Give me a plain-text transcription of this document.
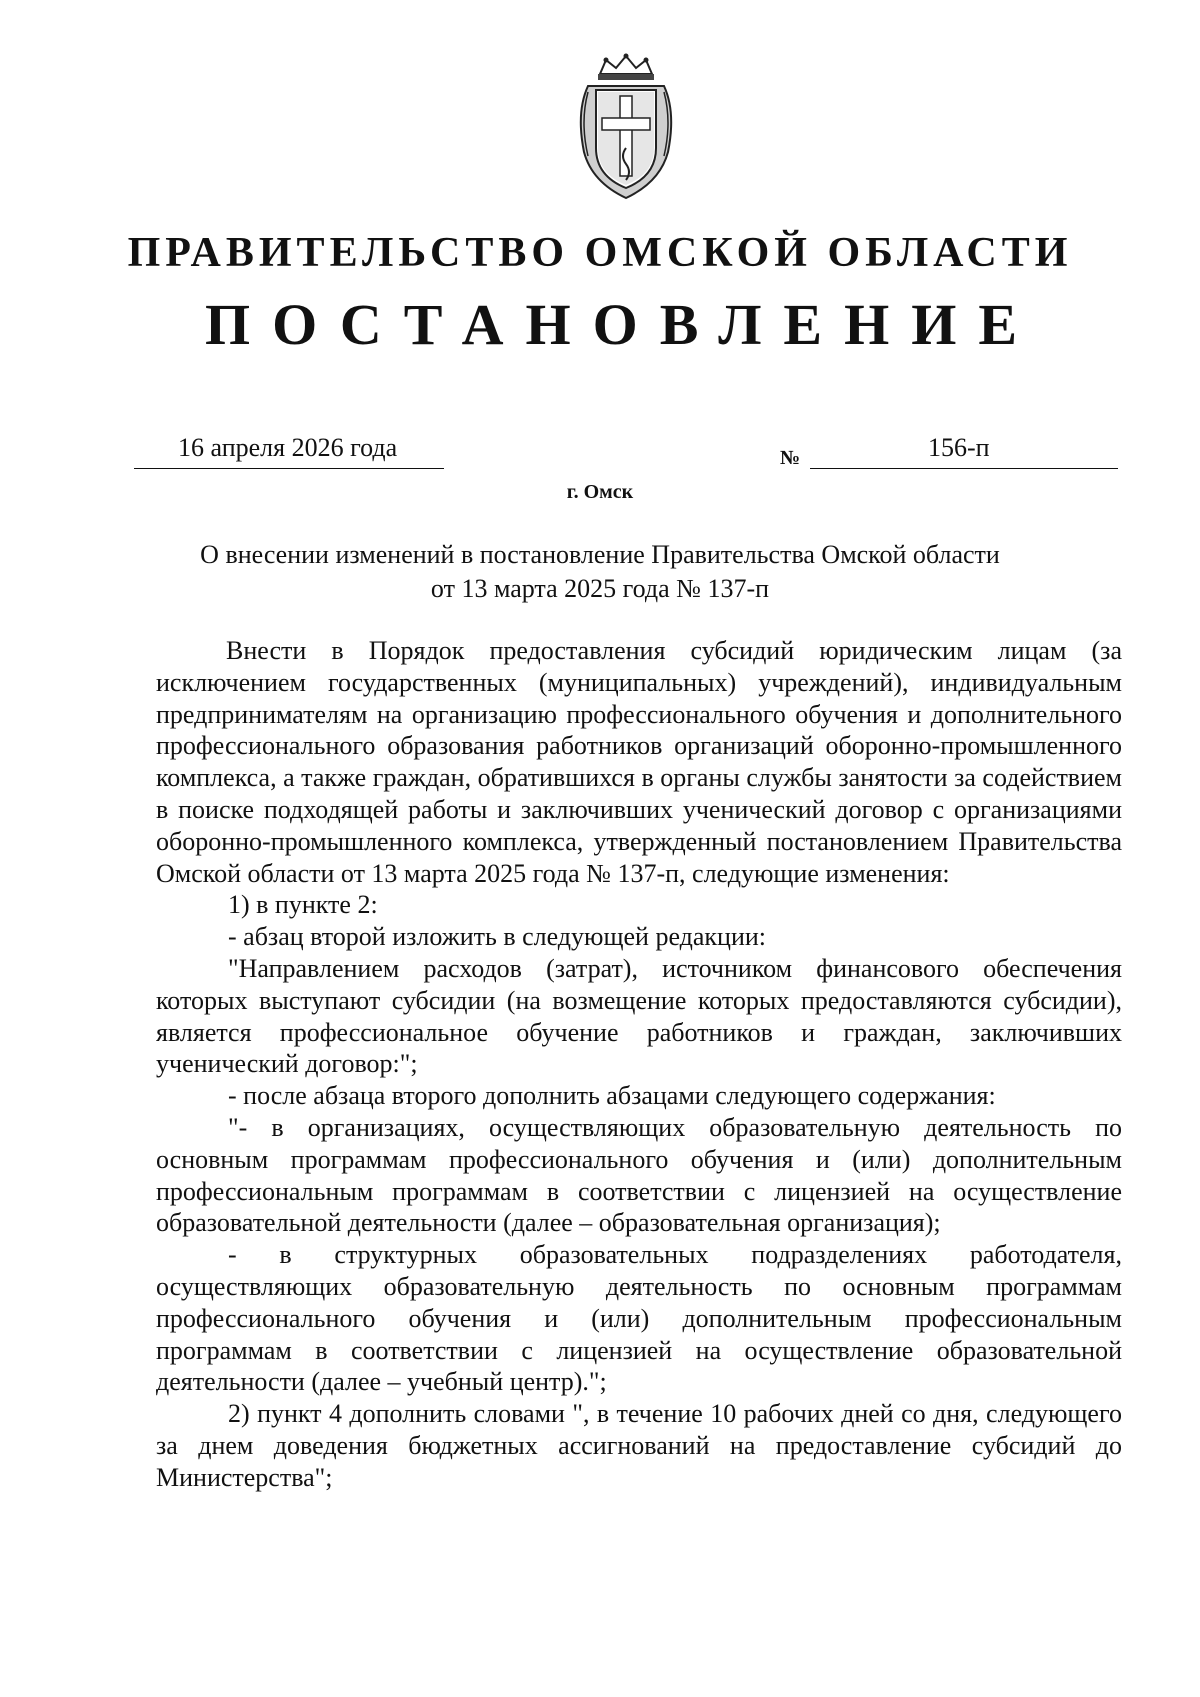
ПРАВИТЕЛЬСТВО ОМСКОЙ ОБЛАСТИ
ПОСТАНОВЛЕНИЕ
16 апреля 2026 года	№	156-п
г. Омск
О внесении изменений в постановление Правительства Омской области
от 13 марта 2025 года № 137-п

Внести в Порядок предоставления субсидий юридическим лицам (за исключением государственных (муниципальных) учреждений), индивидуальным предпринимателям на организацию профессионального обучения и дополнительного профессионального образования работников организаций оборонно-промышленного комплекса, а также граждан, обратившихся в органы службы занятости за содействием в поиске подходящей работы и заключивших ученический договор с организациями оборонно-промышленного комплекса, утвержденный постановлением Правительства Омской области от 13 марта 2025 года № 137-п, следующие изменения:

1) в пункте 2:

- абзац второй изложить в следующей редакции:

"Направлением расходов (затрат), источником финансового обеспечения которых выступают субсидии (на возмещение которых предоставляются субсидии), является профессиональное обучение работников и граждан, заключивших ученический договор:";

- после абзаца второго дополнить абзацами следующего содержания:

"- в организациях, осуществляющих образовательную деятельность по основным программам профессионального обучения и (или) дополнительным профессиональным программам в соответствии с лицензией на осуществление образовательной деятельности (далее – образовательная организация);

- в структурных образовательных подразделениях работодателя, осуществляющих образовательную деятельность по основным программам профессионального обучения и (или) дополнительным профессиональным программам в соответствии с лицензией на осуществление образовательной деятельности (далее – учебный центр).";

2) пункт 4 дополнить словами ", в течение 10 рабочих дней со дня, следующего за днем доведения бюджетных ассигнований на предоставление субсидий до Министерства";
